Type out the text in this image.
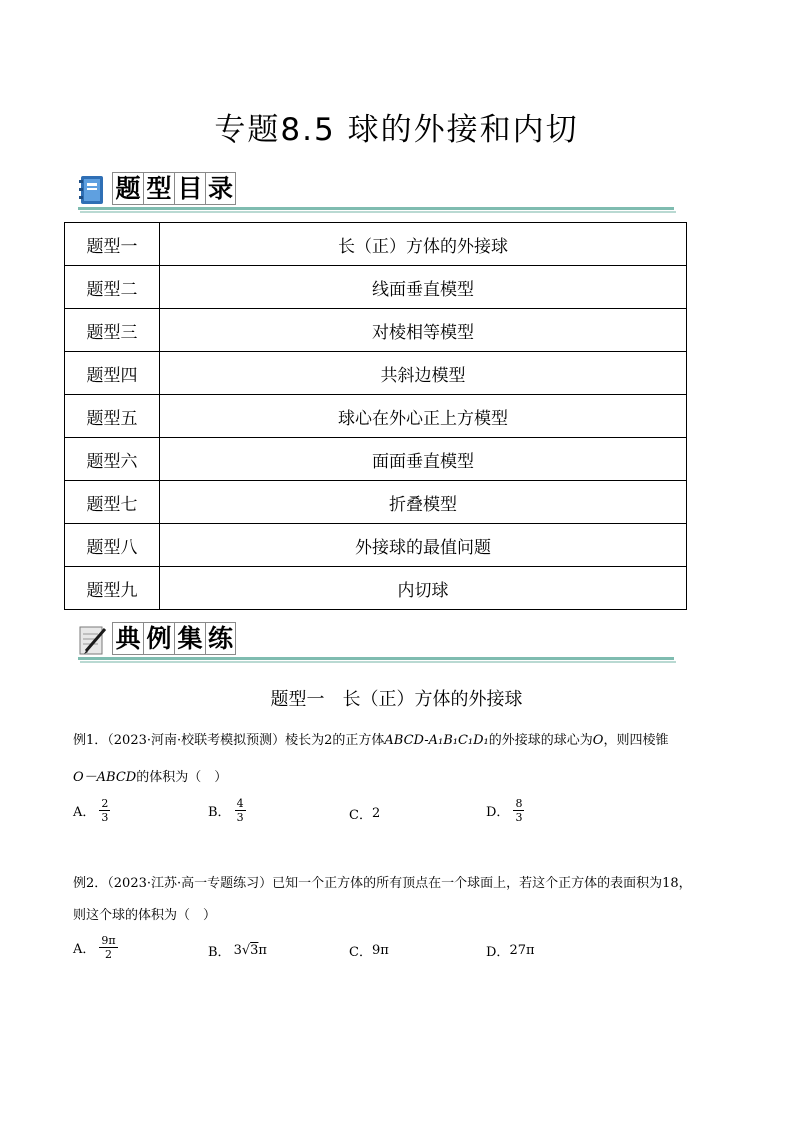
专题8.5 球的外接和内切
题 型 目 录
题型一	长（正）方体的外接球
题型二	线面垂直模型
题型三	对棱相等模型
题型四	共斜边模型
题型五	球心在外心正上方模型
题型六	面面垂直模型
题型七	折叠模型
题型八	外接球的最值问题
题型九	内切球
典 例 集 练
题型一　长（正）方体的外接球
例1．（2023·河南·校联考模拟预测）棱长为2的正方体ABCD-A₁B₁C₁D₁的外接球的球心为O，则四棱锥
O－ABCD的体积为（　）
A． $\frac{2}{3}$	B． $\frac{4}{3}$	C． 2	D． $\frac{8}{3}$
例2．（2023·江苏·高一专题练习）已知一个正方体的所有顶点在一个球面上，若这个正方体的表面积为18，
则这个球的体积为（　）
A． $\frac{9\pi}{2}$	B． 3 √ 3 π	C． 9π	D． 27π
